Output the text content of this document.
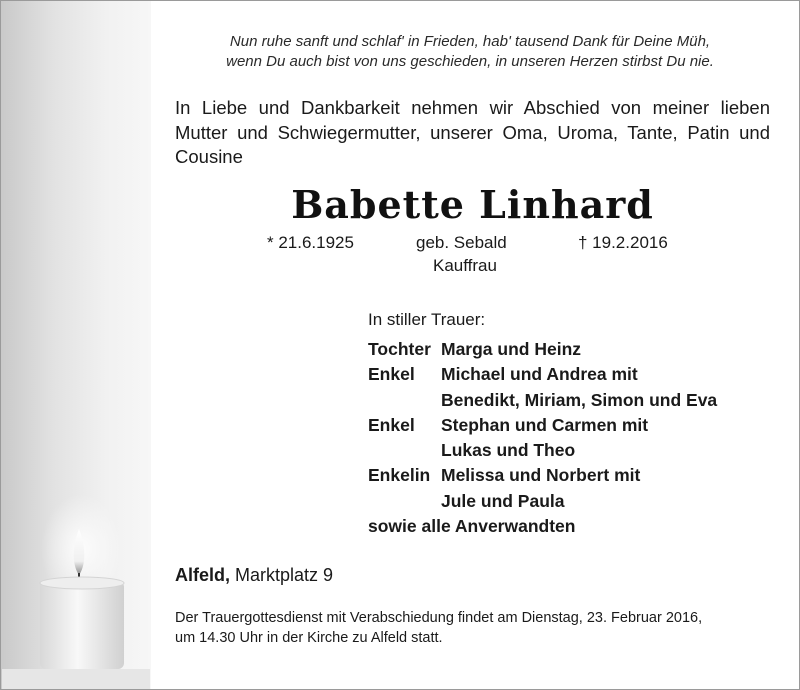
Nun ruhe sanft und schlaf' in Frieden, hab' tausend Dank für Deine Müh,
wenn Du auch bist von uns geschieden, in unseren Herzen stirbst Du nie.
In Liebe und Dankbarkeit nehmen wir Abschied von meiner lieben Mutter und Schwiegermutter, unserer Oma, Uroma, Tante, Patin und Cousine
Babette Linhard
* 21.6.1925	geb. Sebald	† 19.2.2016
Kauffrau
In stiller Trauer:
Tochter Marga und Heinz
Enkel	Michael und Andrea mit
Benedikt, Miriam, Simon und Eva
Enkel	Stephan und Carmen mit
Lukas und Theo
Enkelin Melissa und Norbert mit
Jule und Paula
sowie alle Anverwandten
Alfeld, Marktplatz 9
Der Trauergottesdienst mit Verabschiedung findet am Dienstag, 23. Februar 2016,
um 14.30 Uhr in der Kirche zu Alfeld statt.
